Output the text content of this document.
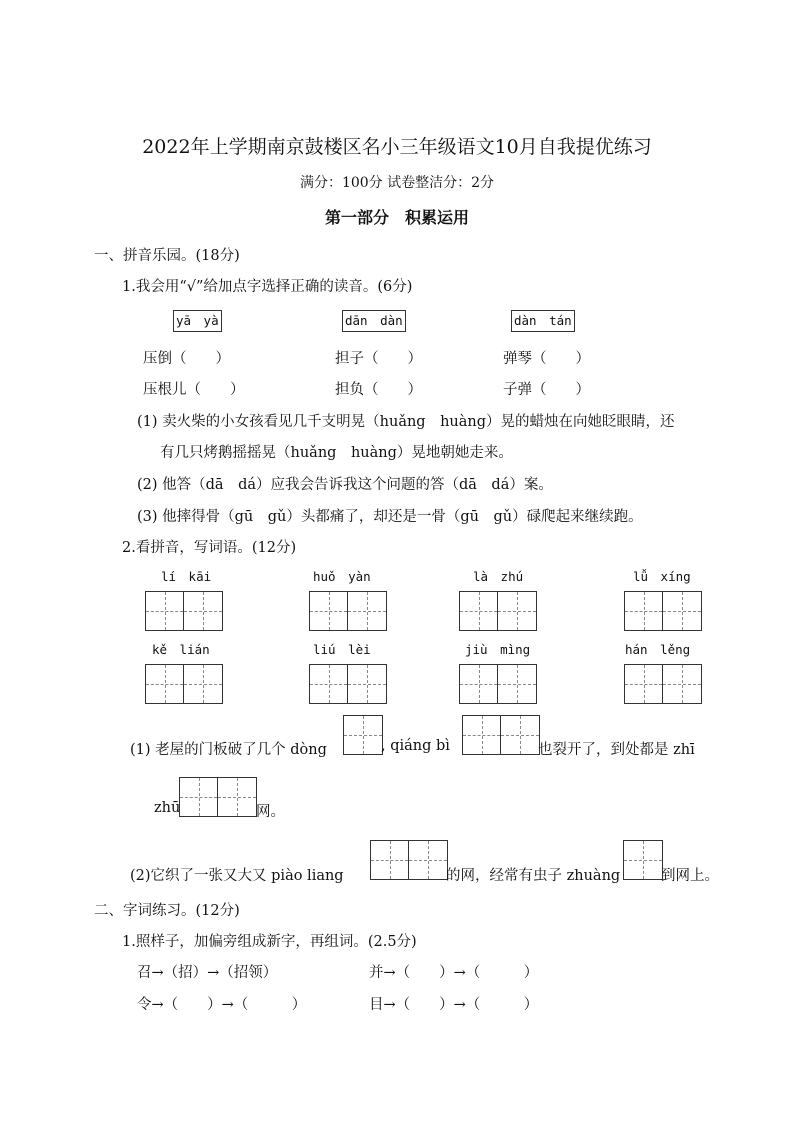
2022年上学期南京鼓楼区名小三年级语文10月自我提优练习
满分：100分 试卷整洁分：2分
第一部分　积累运用
一、拼音乐园。(18分)
1.我会用“√”给加点字选择正确的读音。(6分)
yā　yà	dān　dàn	dàn　tán
压倒（　　）	担子（　　）	弹琴（　　）
压根儿（　　）	担负（　　）	子弹（　　）
(1) 卖火柴的小女孩看见几千支明晃（huǎng　huàng）晃的蜡烛在向她眨眼睛，还
有几只烤鹅摇摇晃（huǎng　huàng）晃地朝她走来。
(2) 他答（dā　dá）应我会告诉我这个问题的答（dā　dá）案。
(3) 他摔得骨（gū　gǔ）头都痛了，却还是一骨（gū　gǔ）碌爬起来继续跑。
2.看拼音，写词语。(12分)
lí　kāi	huǒ　yàn	là　zhú	lǚ　xíng
kě　lián	liú　lèi	jiù　mìng	hán　lěng
(1) 老屋的门板破了几个 dòng	, qiáng bì	也裂开了，到处都是 zhī
zhū	网。
(2)它织了一张又大又 piào liang	的网，经常有虫子 zhuàng	到网上。
二、字词练习。(12分)
1.照样子，加偏旁组成新字，再组词。(2.5分)
召→（招）→（招领）	并→（　　）→（　　　）
令→（　　）→（　　　）	目→（　　）→（　　　）
